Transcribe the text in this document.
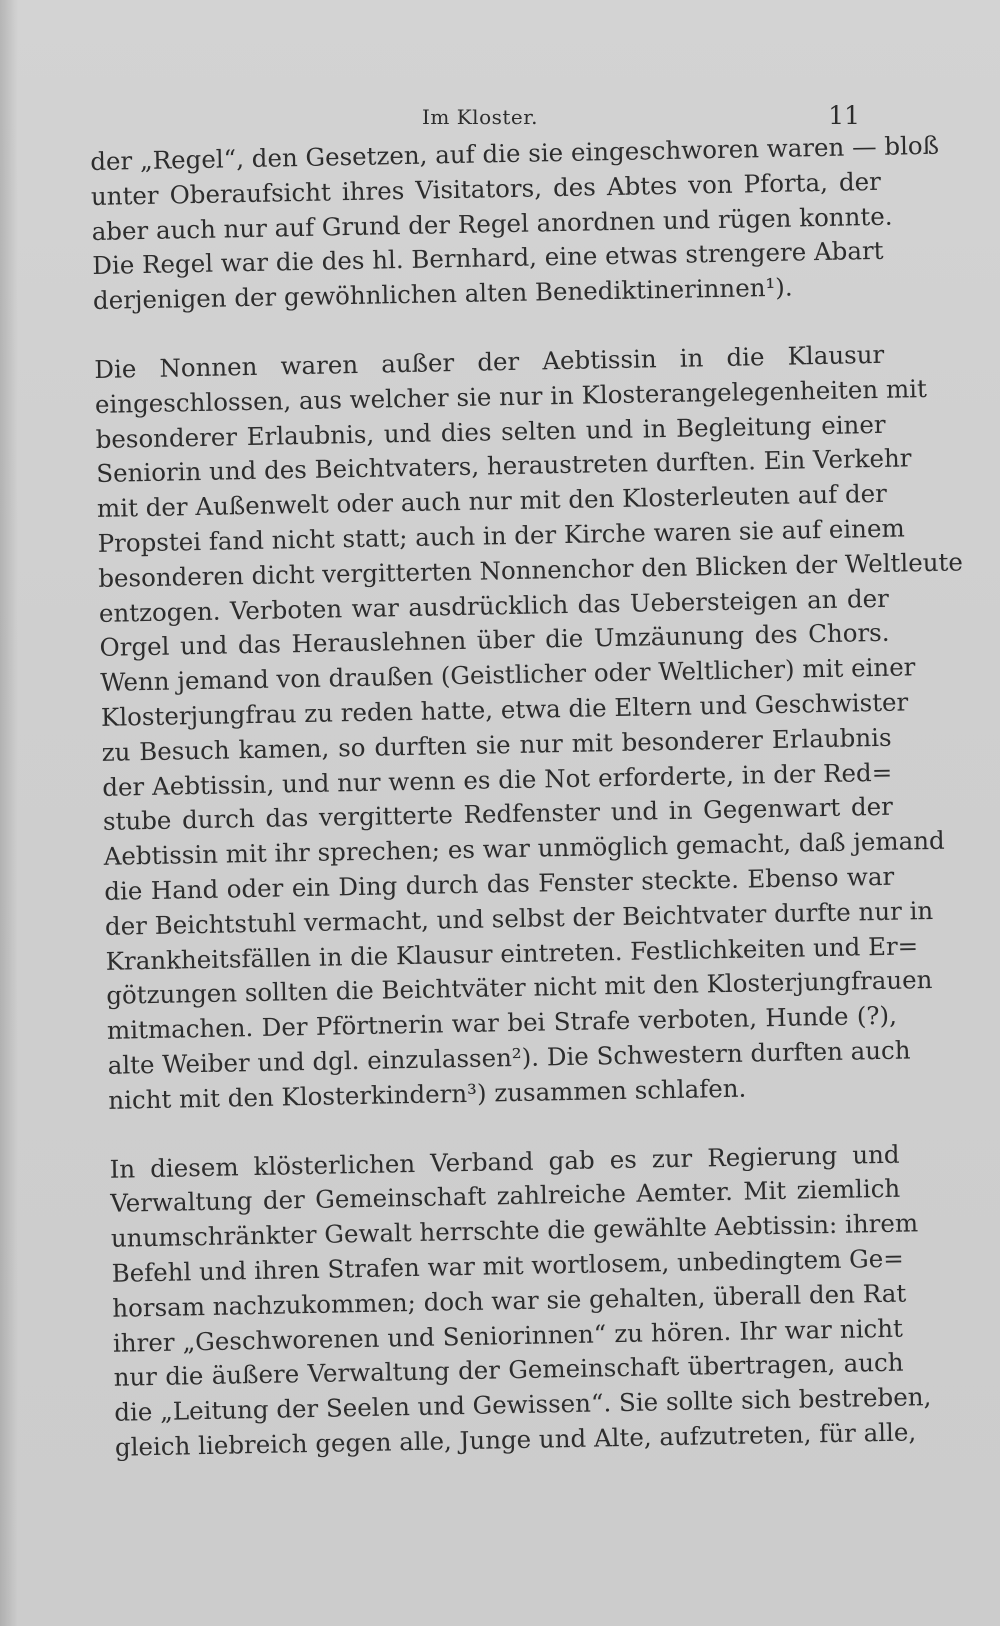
Im Kloster.	11
der „Regel“, den Gesetzen, auf die sie eingeschworen waren — bloß
unter Oberaufsicht ihres Visitators, des Abtes von Pforta, der
aber auch nur auf Grund der Regel anordnen und rügen konnte.
Die Regel war die des hl. Bernhard, eine etwas strengere Abart
derjenigen der gewöhnlichen alten Benediktinerinnen¹).
Die Nonnen waren außer der Aebtissin in die Klausur
eingeschlossen, aus welcher sie nur in Klosterangelegenheiten mit
besonderer Erlaubnis, und dies selten und in Begleitung einer
Seniorin und des Beichtvaters, heraustreten durften. Ein Verkehr
mit der Außenwelt oder auch nur mit den Klosterleuten auf der
Propstei fand nicht statt; auch in der Kirche waren sie auf einem
besonderen dicht vergitterten Nonnenchor den Blicken der Weltleute
entzogen. Verboten war ausdrücklich das Uebersteigen an der
Orgel und das Herauslehnen über die Umzäunung des Chors.
Wenn jemand von draußen (Geistlicher oder Weltlicher) mit einer
Klosterjungfrau zu reden hatte, etwa die Eltern und Geschwister
zu Besuch kamen, so durften sie nur mit besonderer Erlaubnis
der Aebtissin, und nur wenn es die Not erforderte, in der Red=
stube durch das vergitterte Redfenster und in Gegenwart der
Aebtissin mit ihr sprechen; es war unmöglich gemacht, daß jemand
die Hand oder ein Ding durch das Fenster steckte. Ebenso war
der Beichtstuhl vermacht, und selbst der Beichtvater durfte nur in
Krankheitsfällen in die Klausur eintreten. Festlichkeiten und Er=
götzungen sollten die Beichtväter nicht mit den Klosterjungfrauen
mitmachen. Der Pförtnerin war bei Strafe verboten, Hunde (?),
alte Weiber und dgl. einzulassen²). Die Schwestern durften auch
nicht mit den Klosterkindern³) zusammen schlafen.
In diesem klösterlichen Verband gab es zur Regierung und
Verwaltung der Gemeinschaft zahlreiche Aemter. Mit ziemlich
unumschränkter Gewalt herrschte die gewählte Aebtissin: ihrem
Befehl und ihren Strafen war mit wortlosem, unbedingtem Ge=
horsam nachzukommen; doch war sie gehalten, überall den Rat
ihrer „Geschworenen und Seniorinnen“ zu hören. Ihr war nicht
nur die äußere Verwaltung der Gemeinschaft übertragen, auch
die „Leitung der Seelen und Gewissen“. Sie sollte sich bestreben,
gleich liebreich gegen alle, Junge und Alte, aufzutreten, für alle,
